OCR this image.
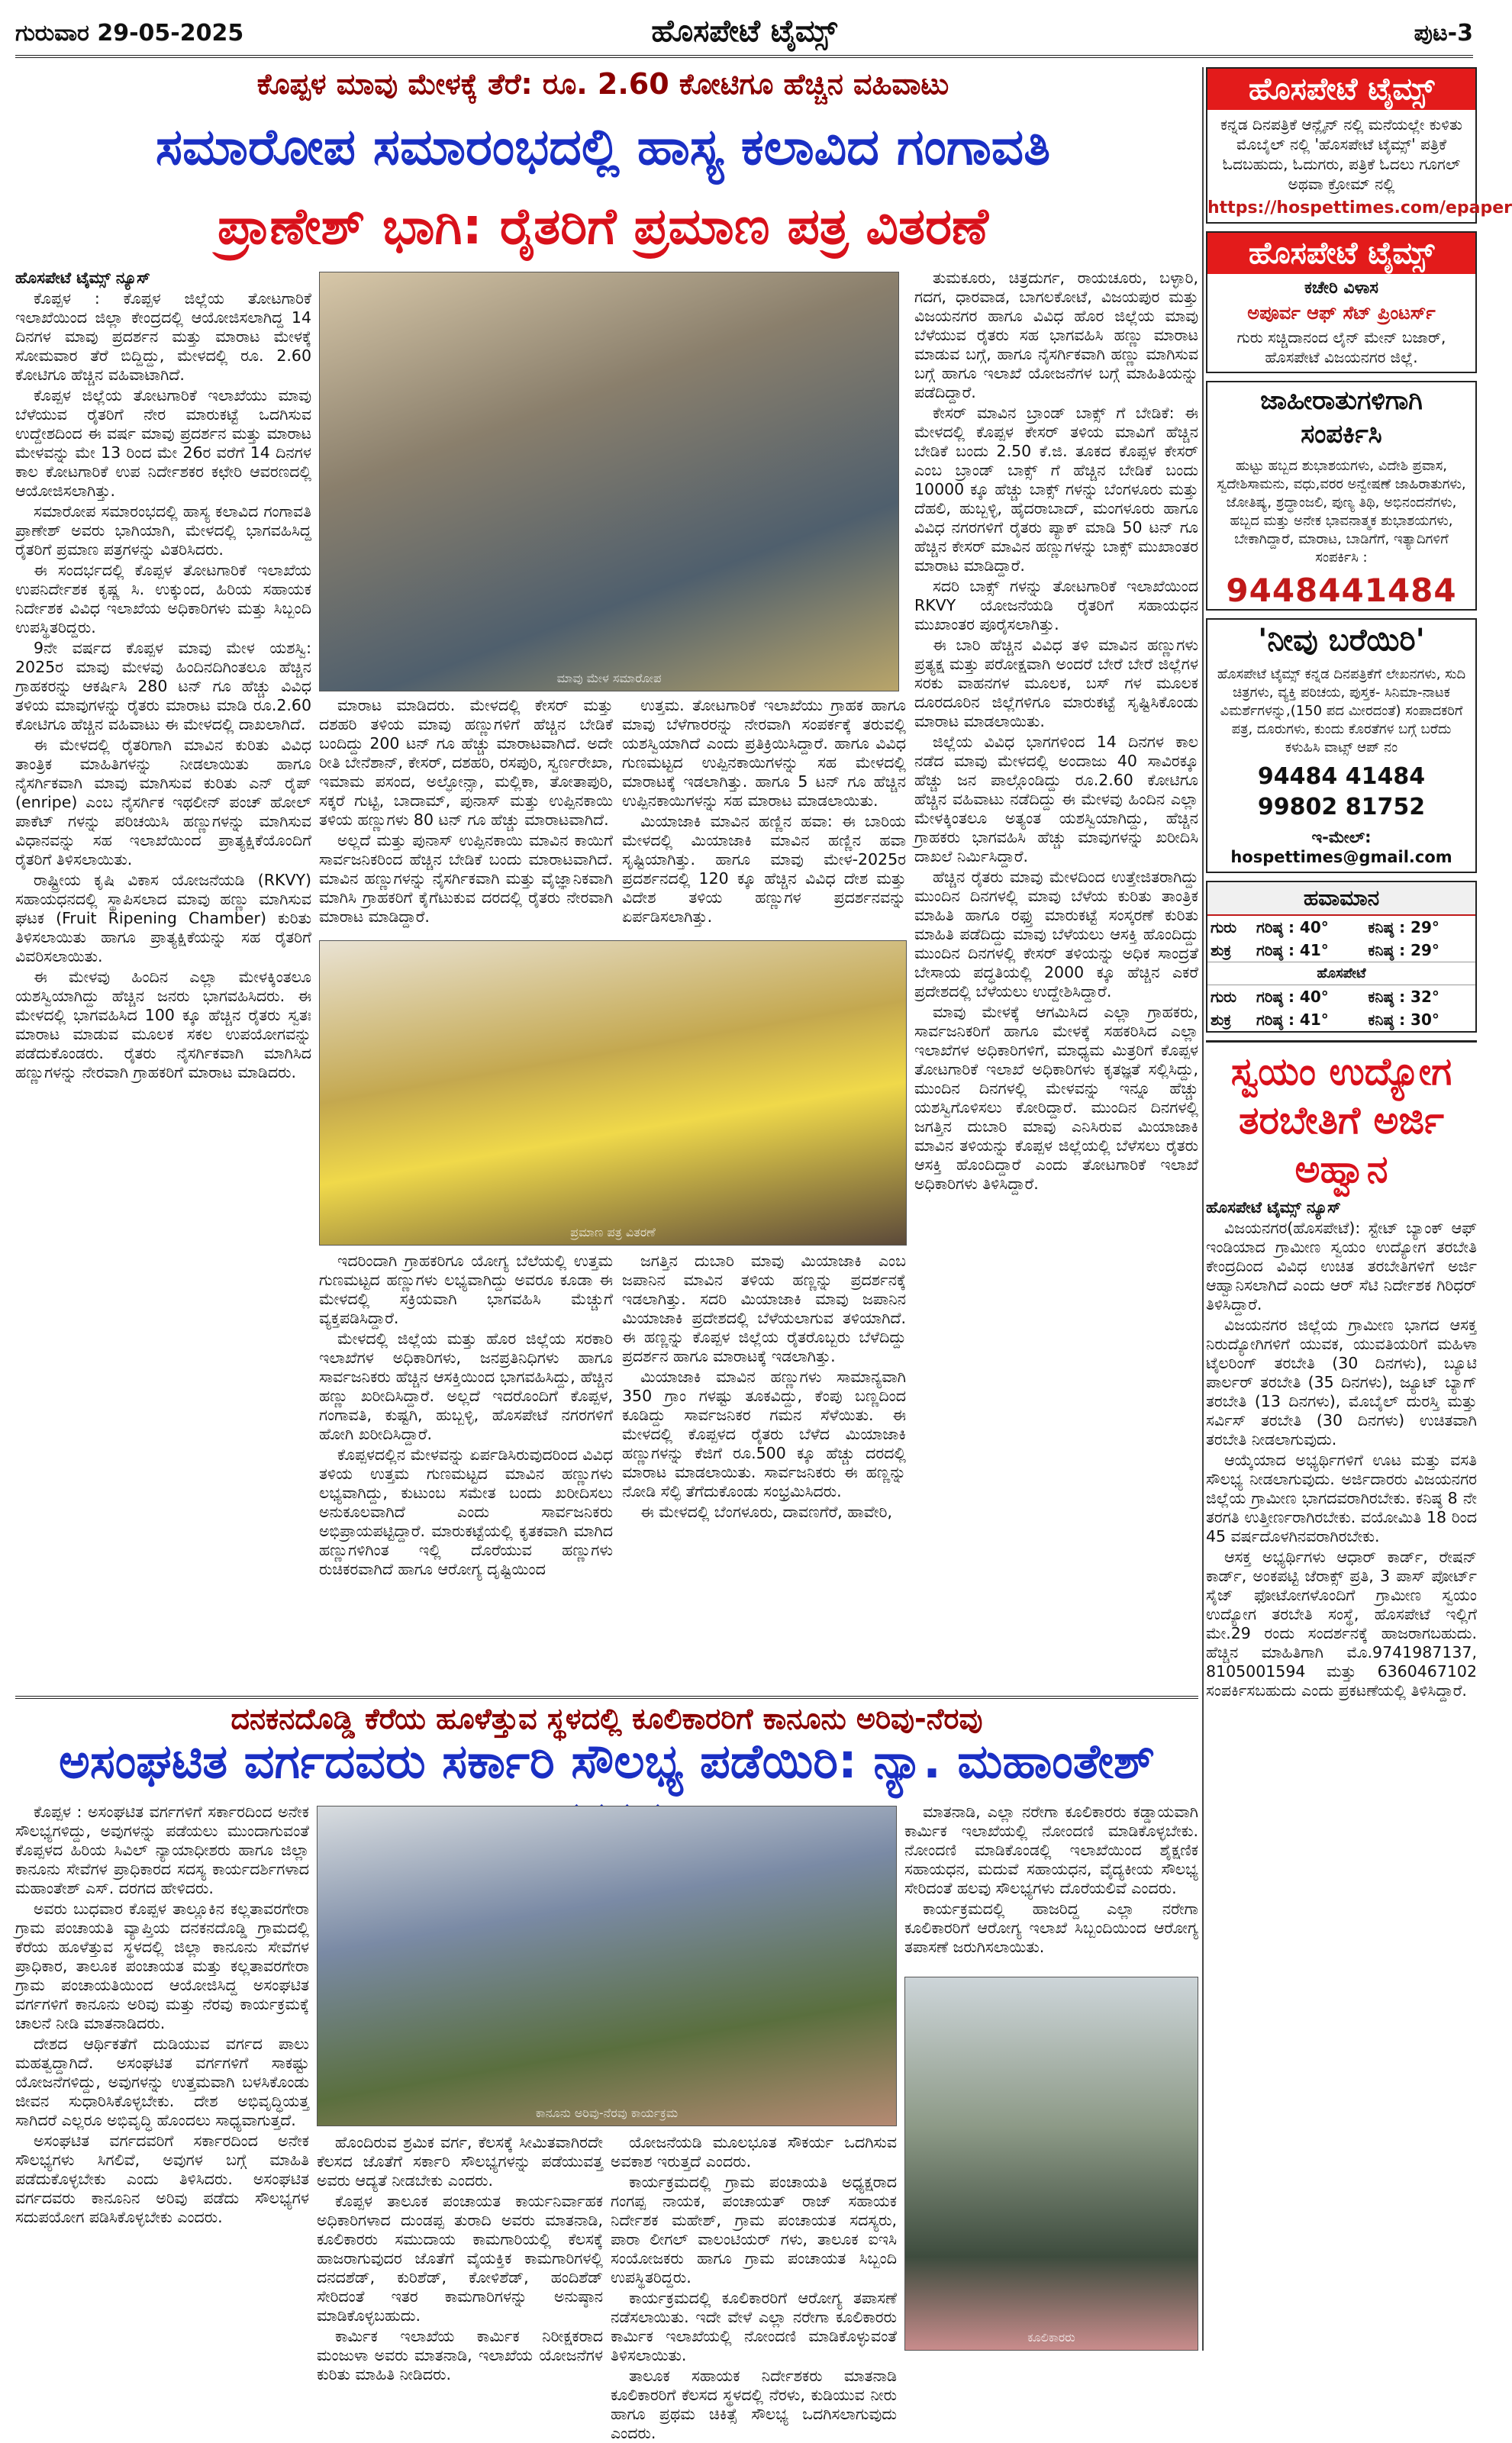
ಗುರುವಾರ 29-05-2025	ಹೊಸಪೇಟೆ ಟೈಮ್ಸ್	ಪುಟ-3
ಕೊಪ್ಪಳ ಮಾವು ಮೇಳಕ್ಕೆ ತೆರೆ: ರೂ. 2.60 ಕೋಟಿಗೂ ಹೆಚ್ಚಿನ ವಹಿವಾಟು
ಸಮಾರೋಪ ಸಮಾರಂಭದಲ್ಲಿ ಹಾಸ್ಯ ಕಲಾವಿದ ಗಂಗಾವತಿ
ಪ್ರಾಣೇಶ್ ಭಾಗಿ: ರೈತರಿಗೆ ಪ್ರಮಾಣ ಪತ್ರ ವಿತರಣೆ

ಹೊಸಪೇಟೆ ಟೈಮ್ಸ್ ನ್ಯೂಸ್

ಕೊಪ್ಪಳ : ಕೊಪ್ಪಳ ಜಿಲ್ಲೆಯ ತೋಟಗಾರಿಕೆ ಇಲಾಖೆಯಿಂದ ಜಿಲ್ಲಾ ಕೇಂದ್ರದಲ್ಲಿ ಆಯೋಜಿಸಲಾಗಿದ್ದ 14 ದಿನಗಳ ಮಾವು ಪ್ರದರ್ಶನ ಮತ್ತು ಮಾರಾಟ ಮೇಳಕ್ಕೆ ಸೋಮವಾರ ತೆರೆ ಬಿದ್ದಿದ್ದು, ಮೇಳದಲ್ಲಿ ರೂ. 2.60 ಕೋಟಿಗೂ ಹೆಚ್ಚಿನ ವಹಿವಾಟಾಗಿದೆ.

ಕೊಪ್ಪಳ ಜಿಲ್ಲೆಯ ತೋಟಗಾರಿಕೆ ಇಲಾಖೆಯು ಮಾವು ಬೆಳೆಯುವ ರೈತರಿಗೆ ನೇರ ಮಾರುಕಟ್ಟೆ ಒದಗಿಸುವ ಉದ್ದೇಶದಿಂದ ಈ ವರ್ಷ ಮಾವು ಪ್ರದರ್ಶನ ಮತ್ತು ಮಾರಾಟ ಮೇಳವನ್ನು ಮೇ 13 ರಿಂದ ಮೇ 26ರ ವರೆಗೆ 14 ದಿನಗಳ ಕಾಲ ಕೋಟಗಾರಿಕೆ ಉಪ ನಿರ್ದೇಶಕರ ಕಛೇರಿ ಆವರಣದಲ್ಲಿ ಆಯೋಜಿಸಲಾಗಿತ್ತು.

ಸಮಾರೋಪ ಸಮಾರಂಭದಲ್ಲಿ ಹಾಸ್ಯ ಕಲಾವಿದ ಗಂಗಾವತಿ ಪ್ರಾಣೇಶ್ ಅವರು ಭಾಗಿಯಾಗಿ, ಮೇಳದಲ್ಲಿ ಭಾಗವಹಿಸಿದ್ದ ರೈತರಿಗೆ ಪ್ರಮಾಣ ಪತ್ರಗಳನ್ನು ವಿತರಿಸಿದರು.

ಈ ಸಂದರ್ಭದಲ್ಲಿ ಕೊಪ್ಪಳ ತೋಟಗಾರಿಕೆ ಇಲಾಖೆಯ ಉಪನಿರ್ದೇಶಕ ಕೃಷ್ಣ ಸಿ. ಉಕ್ಕುಂದ, ಹಿರಿಯ ಸಹಾಯಕ ನಿರ್ದೇಶಕ ವಿವಿಧ ಇಲಾಖೆಯ ಅಧಿಕಾರಿಗಳು ಮತ್ತು ಸಿಬ್ಬಂದಿ ಉಪಸ್ಥಿತರಿದ್ದರು.

9ನೇ ವರ್ಷದ ಕೊಪ್ಪಳ ಮಾವು ಮೇಳ ಯಶಸ್ವಿ: 2025ರ ಮಾವು ಮೇಳವು ಹಿಂದಿನದಿಗಿಂತಲೂ ಹೆಚ್ಚಿನ ಗ್ರಾಹಕರನ್ನು ಆಕರ್ಷಿಸಿ 280 ಟನ್ ಗೂ ಹೆಚ್ಚು ವಿವಿಧ ತಳಿಯ ಮಾವುಗಳನ್ನು ರೈತರು ಮಾರಾಟ ಮಾಡಿ ರೂ.2.60 ಕೋಟಿಗೂ ಹೆಚ್ಚಿನ ವಹಿವಾಟು ಈ ಮೇಳದಲ್ಲಿ ದಾಖಲಾಗಿದೆ.

ಈ ಮೇಳದಲ್ಲಿ ರೈತರಿಗಾಗಿ ಮಾವಿನ ಕುರಿತು ವಿವಿಧ ತಾಂತ್ರಿಕ ಮಾಹಿತಿಗಳನ್ನು ನೀಡಲಾಯಿತು ಹಾಗೂ ನೈಸರ್ಗಿಕವಾಗಿ ಮಾವು ಮಾಗಿಸುವ ಕುರಿತು ಎನ್ ರೈಪ್ (enripe) ಎಂಬ ನೈಸರ್ಗಿಕ ಇಥಲೀನ್ ಪಂಚ್ ಹೋಲ್ ಪಾಕೆಟ್ ಗಳನ್ನು ಪರಿಚಯಿಸಿ ಹಣ್ಣುಗಳನ್ನು ಮಾಗಿಸುವ ವಿಧಾನವನ್ನು ಸಹ ಇಲಾಖೆಯಿಂದ ಪ್ರಾತ್ಯಕ್ಷಿಕೆಯೊಂದಿಗೆ ರೈತರಿಗೆ ತಿಳಿಸಲಾಯಿತು.

ರಾಷ್ಟ್ರೀಯ ಕೃಷಿ ವಿಕಾಸ ಯೋಜನೆಯಡಿ (RKVY) ಸಹಾಯಧನದಲ್ಲಿ ಸ್ಥಾಪಿಸಲಾದ ಮಾವು ಹಣ್ಣು ಮಾಗಿಸುವ ಘಟಕ (Fruit Ripening Chamber) ಕುರಿತು ತಿಳಿಸಲಾಯಿತು ಹಾಗೂ ಪ್ರಾತ್ಯಕ್ಷಿಕೆಯನ್ನು ಸಹ ರೈತರಿಗೆ ವಿವರಿಸಲಾಯಿತು.

ಈ ಮೇಳವು ಹಿಂದಿನ ಎಲ್ಲಾ ಮೇಳಕ್ಕಿಂತಲೂ ಯಶಸ್ವಿಯಾಗಿದ್ದು ಹೆಚ್ಚಿನ ಜನರು ಭಾಗವಹಿಸಿದರು. ಈ ಮೇಳದಲ್ಲಿ ಭಾಗವಹಿಸಿದ 100 ಕ್ಕೂ ಹೆಚ್ಚಿನ ರೈತರು ಸ್ವತಃ ಮಾರಾಟ ಮಾಡುವ ಮೂಲಕ ಸಕಲ ಉಪಯೋಗವನ್ನು ಪಡೆದುಕೊಂಡರು. ರೈತರು ನೈಸರ್ಗಿಕವಾಗಿ ಮಾಗಿಸಿದ ಹಣ್ಣುಗಳನ್ನು ನೇರವಾಗಿ ಗ್ರಾಹಕರಿಗೆ ಮಾರಾಟ ಮಾಡಿದರು.

ಮಾವು ಮೇಳ ಸಮಾರೋಪ

ಮಾರಾಟ ಮಾಡಿದರು. ಮೇಳದಲ್ಲಿ ಕೇಸರ್ ಮತ್ತು ದಶಹರಿ ತಳಿಯ ಮಾವು ಹಣ್ಣುಗಳಿಗೆ ಹೆಚ್ಚಿನ ಬೇಡಿಕೆ ಬಂದಿದ್ದು 200 ಟನ್ ಗೂ ಹೆಚ್ಚು ಮಾರಾಟವಾಗಿದೆ. ಅದೇ ರೀತಿ ಬೇನೆಶಾನ್, ಕೇಸರ್, ದಶಹರಿ, ರಸಪುರಿ, ಸ್ವರ್ಣರೇಖಾ, ಇಮಾಮ ಪಸಂದ, ಅಲ್ಫೋನ್ಸಾ, ಮಲ್ಲಿಕಾ, ತೋತಾಪುರಿ, ಸಕ್ಕರೆ ಗುಟ್ಟಿ, ಬಾದಾಮ್, ಪುನಾಸ್ ಮತ್ತು ಉಪ್ಪಿನಕಾಯಿ ತಳಿಯ ಹಣ್ಣುಗಳು 80 ಟನ್ ಗೂ ಹೆಚ್ಚು ಮಾರಾಟವಾಗಿದೆ.

ಅಲ್ಲದೆ ಮತ್ತು ಪುನಾಸ್ ಉಪ್ಪಿನಕಾಯಿ ಮಾವಿನ ಕಾಯಿಗೆ ಸಾರ್ವಜನಿಕರಿಂದ ಹೆಚ್ಚಿನ ಬೇಡಿಕೆ ಬಂದು ಮಾರಾಟವಾಗಿದೆ. ಮಾವಿನ ಹಣ್ಣುಗಳನ್ನು ನೈಸರ್ಗಿಕವಾಗಿ ಮತ್ತು ವೈಜ್ಞಾನಿಕವಾಗಿ ಮಾಗಿಸಿ ಗ್ರಾಹಕರಿಗೆ ಕೈಗೆಟುಕುವ ದರದಲ್ಲಿ ರೈತರು ನೇರವಾಗಿ ಮಾರಾಟ ಮಾಡಿದ್ದಾರೆ.

ಉತ್ತಮ. ತೋಟಗಾರಿಕೆ ಇಲಾಖೆಯು ಗ್ರಾಹಕ ಹಾಗೂ ಮಾವು ಬೆಳೆಗಾರರನ್ನು ನೇರವಾಗಿ ಸಂಪರ್ಕಕ್ಕೆ ತರುವಲ್ಲಿ ಯಶಸ್ವಿಯಾಗಿದೆ ಎಂದು ಪ್ರತಿಕ್ರಿಯಿಸಿದ್ದಾರೆ. ಹಾಗೂ ವಿವಿಧ ಗುಣಮಟ್ಟದ ಉಪ್ಪಿನಕಾಯಿಗಳನ್ನು ಸಹ ಮೇಳದಲ್ಲಿ ಮಾರಾಟಕ್ಕೆ ಇಡಲಾಗಿತ್ತು. ಹಾಗೂ 5 ಟನ್ ಗೂ ಹೆಚ್ಚಿನ ಉಪ್ಪಿನಕಾಯಿಗಳನ್ನು ಸಹ ಮಾರಾಟ ಮಾಡಲಾಯಿತು.

ಮಿಯಾಜಾಕಿ ಮಾವಿನ ಹಣ್ಣಿನ ಹವಾ: ಈ ಬಾರಿಯ ಮೇಳದಲ್ಲಿ ಮಿಯಾಜಾಕಿ ಮಾವಿನ ಹಣ್ಣಿನ ಹವಾ ಸೃಷ್ಟಿಯಾಗಿತ್ತು. ಹಾಗೂ ಮಾವು ಮೇಳ-2025ರ ಪ್ರದರ್ಶನದಲ್ಲಿ 120 ಕ್ಕೂ ಹೆಚ್ಚಿನ ವಿವಿಧ ದೇಶ ಮತ್ತು ವಿದೇಶ ತಳಿಯ ಹಣ್ಣುಗಳ ಪ್ರದರ್ಶನವನ್ನು ಏರ್ಪಡಿಸಲಾಗಿತ್ತು.

ಪ್ರಮಾಣ ಪತ್ರ ವಿತರಣೆ

ಇದರಿಂದಾಗಿ ಗ್ರಾಹಕರಿಗೂ ಯೋಗ್ಯ ಬೆಲೆಯಲ್ಲಿ ಉತ್ತಮ ಗುಣಮಟ್ಟದ ಹಣ್ಣುಗಳು ಲಭ್ಯವಾಗಿದ್ದು ಅವರೂ ಕೂಡಾ ಈ ಮೇಳದಲ್ಲಿ ಸಕ್ರಿಯವಾಗಿ ಭಾಗವಹಿಸಿ ಮೆಚ್ಚುಗೆ ವ್ಯಕ್ತಪಡಿಸಿದ್ದಾರೆ.

ಮೇಳದಲ್ಲಿ ಜಿಲ್ಲೆಯ ಮತ್ತು ಹೊರ ಜಿಲ್ಲೆಯ ಸರಕಾರಿ ಇಲಾಖೆಗಳ ಅಧಿಕಾರಿಗಳು, ಜನಪ್ರತಿನಿಧಿಗಳು ಹಾಗೂ ಸಾರ್ವಜನಿಕರು ಹೆಚ್ಚಿನ ಆಸಕ್ತಿಯಿಂದ ಭಾಗವಹಿಸಿದ್ದು, ಹೆಚ್ಚಿನ ಹಣ್ಣು ಖರೀದಿಸಿದ್ದಾರೆ. ಅಲ್ಲದೆ ಇದರೊಂದಿಗೆ ಕೊಪ್ಪಳ, ಗಂಗಾವತಿ, ಕುಷ್ಟಗಿ, ಹುಬ್ಬಳ್ಳಿ, ಹೊಸಪೇಟೆ ನಗರಗಳಿಗೆ ಹೋಗಿ ಖರೀದಿಸಿದ್ದಾರೆ.

ಕೊಪ್ಪಳದಲ್ಲಿನ ಮೇಳವನ್ನು ಏರ್ಪಡಿಸಿರುವುದರಿಂದ ವಿವಿಧ ತಳಿಯ ಉತ್ತಮ ಗುಣಮಟ್ಟದ ಮಾವಿನ ಹಣ್ಣುಗಳು ಲಭ್ಯವಾಗಿದ್ದು, ಕುಟುಂಬ ಸಮೇತ ಬಂದು ಖರೀದಿಸಲು ಅನುಕೂಲವಾಗಿದೆ ಎಂದು ಸಾರ್ವಜನಿಕರು ಅಭಿಪ್ರಾಯಪಟ್ಟಿದ್ದಾರೆ. ಮಾರುಕಟ್ಟೆಯಲ್ಲಿ ಕೃತಕವಾಗಿ ಮಾಗಿದ ಹಣ್ಣುಗಳಿಗಿಂತ ಇಲ್ಲಿ ದೊರೆಯುವ ಹಣ್ಣುಗಳು ರುಚಿಕರವಾಗಿದೆ ಹಾಗೂ ಆರೋಗ್ಯ ದೃಷ್ಟಿಯಿಂದ

ಜಗತ್ತಿನ ದುಬಾರಿ ಮಾವು ಮಿಯಾಜಾಕಿ ಎಂಬ ಜಪಾನಿನ ಮಾವಿನ ತಳಿಯ ಹಣ್ಣನ್ನು ಪ್ರದರ್ಶನಕ್ಕೆ ಇಡಲಾಗಿತ್ತು. ಸದರಿ ಮಿಯಾಜಾಕಿ ಮಾವು ಜಪಾನಿನ ಮಿಯಾಜಾಕಿ ಪ್ರದೇಶದಲ್ಲಿ ಬೆಳೆಯಲಾಗುವ ತಳಿಯಾಗಿದೆ. ಈ ಹಣ್ಣನ್ನು ಕೊಪ್ಪಳ ಜಿಲ್ಲೆಯ ರೈತರೊಬ್ಬರು ಬೆಳೆದಿದ್ದು ಪ್ರದರ್ಶನ ಹಾಗೂ ಮಾರಾಟಕ್ಕೆ ಇಡಲಾಗಿತ್ತು.

ಮಿಯಾಜಾಕಿ ಮಾವಿನ ಹಣ್ಣುಗಳು ಸಾಮಾನ್ಯವಾಗಿ 350 ಗ್ರಾಂ ಗಳಷ್ಟು ತೂಕವಿದ್ದು, ಕೆಂಪು ಬಣ್ಣದಿಂದ ಕೂಡಿದ್ದು ಸಾರ್ವಜನಿಕರ ಗಮನ ಸೆಳೆಯಿತು. ಈ ಮೇಳದಲ್ಲಿ ಕೊಪ್ಪಳದ ರೈತರು ಬೆಳೆದ ಮಿಯಾಜಾಕಿ ಹಣ್ಣುಗಳನ್ನು ಕೆಜಿಗೆ ರೂ.500 ಕ್ಕೂ ಹೆಚ್ಚು ದರದಲ್ಲಿ ಮಾರಾಟ ಮಾಡಲಾಯಿತು. ಸಾರ್ವಜನಿಕರು ಈ ಹಣ್ಣನ್ನು ನೋಡಿ ಸೆಲ್ಫಿ ತೆಗೆದುಕೊಂಡು ಸಂಭ್ರಮಿಸಿದರು.

ಈ ಮೇಳದಲ್ಲಿ ಬೆಂಗಳೂರು, ದಾವಣಗೆರೆ, ಹಾವೇರಿ,

ತುಮಕೂರು, ಚಿತ್ರದುರ್ಗ, ರಾಯಚೂರು, ಬಳ್ಳಾರಿ, ಗದಗ, ಧಾರವಾಡ, ಬಾಗಲಕೋಟೆ, ವಿಜಯಪುರ ಮತ್ತು ವಿಜಯನಗರ ಹಾಗೂ ವಿವಿಧ ಹೊರ ಜಿಲ್ಲೆಯ ಮಾವು ಬೆಳೆಯುವ ರೈತರು ಸಹ ಭಾಗವಹಿಸಿ ಹಣ್ಣು ಮಾರಾಟ ಮಾಡುವ ಬಗ್ಗೆ, ಹಾಗೂ ನೈಸರ್ಗಿಕವಾಗಿ ಹಣ್ಣು ಮಾಗಿಸುವ ಬಗ್ಗೆ ಹಾಗೂ ಇಲಾಖೆ ಯೋಜನೆಗಳ ಬಗ್ಗೆ ಮಾಹಿತಿಯನ್ನು ಪಡೆದಿದ್ದಾರೆ.

ಕೇಸರ್ ಮಾವಿನ ಬ್ರಾಂಡ್ ಬಾಕ್ಸ್ ಗೆ ಬೇಡಿಕೆ: ಈ ಮೇಳದಲ್ಲಿ ಕೊಪ್ಪಳ ಕೇಸರ್ ತಳಿಯ ಮಾವಿಗೆ ಹೆಚ್ಚಿನ ಬೇಡಿಕೆ ಬಂದು 2.50 ಕೆ.ಜಿ. ತೂಕದ ಕೊಪ್ಪಳ ಕೇಸರ್ ಎಂಬ ಬ್ರಾಂಡ್ ಬಾಕ್ಸ್ ಗೆ ಹೆಚ್ಚಿನ ಬೇಡಿಕೆ ಬಂದು 10000 ಕ್ಕೂ ಹೆಚ್ಚು ಬಾಕ್ಸ್ ಗಳನ್ನು ಬೆಂಗಳೂರು ಮತ್ತು ದೆಹಲಿ, ಹುಬ್ಬಳ್ಳಿ, ಹೈದರಾಬಾದ್, ಮಂಗಳೂರು ಹಾಗೂ ವಿವಿಧ ನಗರಗಳಿಗೆ ರೈತರು ಪ್ಯಾಕ್ ಮಾಡಿ 50 ಟನ್ ಗೂ ಹೆಚ್ಚಿನ ಕೇಸರ್ ಮಾವಿನ ಹಣ್ಣುಗಳನ್ನು ಬಾಕ್ಸ್ ಮುಖಾಂತರ ಮಾರಾಟ ಮಾಡಿದ್ದಾರೆ.

ಸದರಿ ಬಾಕ್ಸ್ ಗಳನ್ನು ತೋಟಗಾರಿಕೆ ಇಲಾಖೆಯಿಂದ RKVY ಯೋಜನೆಯಡಿ ರೈತರಿಗೆ ಸಹಾಯಧನ ಮುಖಾಂತರ ಪೂರೈಸಲಾಗಿತ್ತು.

ಈ ಬಾರಿ ಹೆಚ್ಚಿನ ವಿವಿಧ ತಳಿ ಮಾವಿನ ಹಣ್ಣುಗಳು ಪ್ರತ್ಯಕ್ಷ ಮತ್ತು ಪರೋಕ್ಷವಾಗಿ ಅಂದರೆ ಬೇರೆ ಬೇರೆ ಜಿಲ್ಲೆಗಳ ಸರಕು ವಾಹನಗಳ ಮೂಲಕ, ಬಸ್ ಗಳ ಮೂಲಕ ದೂರದೂರಿನ ಜಿಲ್ಲೆಗಳಿಗೂ ಮಾರುಕಟ್ಟೆ ಸೃಷ್ಟಿಸಿಕೊಂಡು ಮಾರಾಟ ಮಾಡಲಾಯಿತು.

ಜಿಲ್ಲೆಯ ವಿವಿಧ ಭಾಗಗಳಿಂದ 14 ದಿನಗಳ ಕಾಲ ನಡೆದ ಮಾವು ಮೇಳದಲ್ಲಿ ಅಂದಾಜು 40 ಸಾವಿರಕ್ಕೂ ಹೆಚ್ಚು ಜನ ಪಾಲ್ಗೊಂಡಿದ್ದು ರೂ.2.60 ಕೋಟಿಗೂ ಹೆಚ್ಚಿನ ವಹಿವಾಟು ನಡೆದಿದ್ದು ಈ ಮೇಳವು ಹಿಂದಿನ ಎಲ್ಲಾ ಮೇಳಕ್ಕಿಂತಲೂ ಅತ್ಯಂತ ಯಶಸ್ವಿಯಾಗಿದ್ದು, ಹೆಚ್ಚಿನ ಗ್ರಾಹಕರು ಭಾಗವಹಿಸಿ ಹೆಚ್ಚು ಮಾವುಗಳನ್ನು ಖರೀದಿಸಿ ದಾಖಲೆ ನಿರ್ಮಿಸಿದ್ದಾರೆ.

ಹೆಚ್ಚಿನ ರೈತರು ಮಾವು ಮೇಳದಿಂದ ಉತ್ತೇಜಿತರಾಗಿದ್ದು ಮುಂದಿನ ದಿನಗಳಲ್ಲಿ ಮಾವು ಬೆಳೆಯ ಕುರಿತು ತಾಂತ್ರಿಕ ಮಾಹಿತಿ ಹಾಗೂ ರಫ್ತು ಮಾರುಕಟ್ಟೆ ಸಂಸ್ಕರಣೆ ಕುರಿತು ಮಾಹಿತಿ ಪಡೆದಿದ್ದು ಮಾವು ಬೆಳೆಯಲು ಆಸಕ್ತಿ ಹೊಂದಿದ್ದು ಮುಂದಿನ ದಿನಗಳಲ್ಲಿ ಕೇಸರ್ ತಳಿಯನ್ನು ಅಧಿಕ ಸಾಂದ್ರತೆ ಬೇಸಾಯ ಪದ್ಧತಿಯಲ್ಲಿ 2000 ಕ್ಕೂ ಹೆಚ್ಚಿನ ಎಕರೆ ಪ್ರದೇಶದಲ್ಲಿ ಬೆಳೆಯಲು ಉದ್ದೇಶಿಸಿದ್ದಾರೆ.

ಮಾವು ಮೇಳಕ್ಕೆ ಆಗಮಿಸಿದ ಎಲ್ಲಾ ಗ್ರಾಹಕರು, ಸಾರ್ವಜನಿಕರಿಗೆ ಹಾಗೂ ಮೇಳಕ್ಕೆ ಸಹಕರಿಸಿದ ಎಲ್ಲಾ ಇಲಾಖೆಗಳ ಅಧಿಕಾರಿಗಳಿಗೆ, ಮಾಧ್ಯಮ ಮಿತ್ರರಿಗೆ ಕೊಪ್ಪಳ ತೋಟಗಾರಿಕೆ ಇಲಾಖೆ ಅಧಿಕಾರಿಗಳು ಕೃತಜ್ಞತೆ ಸಲ್ಲಿಸಿದ್ದು, ಮುಂದಿನ ದಿನಗಳಲ್ಲಿ ಮೇಳವನ್ನು ಇನ್ನೂ ಹೆಚ್ಚು ಯಶಸ್ವಿಗೊಳಿಸಲು ಕೋರಿದ್ದಾರೆ. ಮುಂದಿನ ದಿನಗಳಲ್ಲಿ ಜಗತ್ತಿನ ದುಬಾರಿ ಮಾವು ಎನಿಸಿರುವ ಮಿಯಾಜಾಕಿ ಮಾವಿನ ತಳಿಯನ್ನು ಕೊಪ್ಪಳ ಜಿಲ್ಲೆಯಲ್ಲಿ ಬೆಳೆಸಲು ರೈತರು ಆಸಕ್ತಿ ಹೊಂದಿದ್ದಾರೆ ಎಂದು ತೋಟಗಾರಿಕೆ ಇಲಾಖೆ ಅಧಿಕಾರಿಗಳು ತಿಳಿಸಿದ್ದಾರೆ.

ದನಕನದೊಡ್ಡಿ ಕೆರೆಯ ಹೂಳೆತ್ತುವ ಸ್ಥಳದಲ್ಲಿ ಕೂಲಿಕಾರರಿಗೆ ಕಾನೂನು ಅರಿವು-ನೆರವು
ಅಸಂಘಟಿತ ವರ್ಗದವರು ಸರ್ಕಾರಿ ಸೌಲಭ್ಯ ಪಡೆಯಿರಿ: ನ್ಯಾ. ಮಹಾಂತೇಶ್

ಕೊಪ್ಪಳ : ಅಸಂಘಟಿತ ವರ್ಗಗಳಿಗೆ ಸರ್ಕಾರದಿಂದ ಅನೇಕ ಸೌಲಭ್ಯಗಳಿದ್ದು, ಅವುಗಳನ್ನು ಪಡೆಯಲು ಮುಂದಾಗುವಂತೆ ಕೊಪ್ಪಳದ ಹಿರಿಯ ಸಿವಿಲ್ ನ್ಯಾಯಾಧೀಶರು ಹಾಗೂ ಜಿಲ್ಲಾ ಕಾನೂನು ಸೇವೆಗಳ ಪ್ರಾಧಿಕಾರದ ಸದಸ್ಯ ಕಾರ್ಯದರ್ಶಿಗಳಾದ ಮಹಾಂತೇಶ್ ಎಸ್. ದರಗದ ಹೇಳಿದರು.

ಅವರು ಬುಧವಾರ ಕೊಪ್ಪಳ ತಾಲ್ಲೂಕಿನ ಕಲ್ಲತಾವರಗೇರಾ ಗ್ರಾಮ ಪಂಚಾಯತಿ ವ್ಯಾಪ್ತಿಯ ದನಕನದೊಡ್ಡಿ ಗ್ರಾಮದಲ್ಲಿ ಕೆರೆಯ ಹೂಳೆತ್ತುವ ಸ್ಥಳದಲ್ಲಿ ಜಿಲ್ಲಾ ಕಾನೂನು ಸೇವೆಗಳ ಪ್ರಾಧಿಕಾರ, ತಾಲೂಕ ಪಂಚಾಯತ ಮತ್ತು ಕಲ್ಲತಾವರಗೇರಾ ಗ್ರಾಮ ಪಂಚಾಯತಿಯಿಂದ ಆಯೋಜಿಸಿದ್ದ ಅಸಂಘಟಿತ ವರ್ಗಗಳಿಗೆ ಕಾನೂನು ಅರಿವು ಮತ್ತು ನೆರವು ಕಾರ್ಯಕ್ರಮಕ್ಕೆ ಚಾಲನೆ ನೀಡಿ ಮಾತನಾಡಿದರು.

ದೇಶದ ಆರ್ಥಿಕತೆಗೆ ದುಡಿಯುವ ವರ್ಗದ ಪಾಲು ಮಹತ್ವದ್ದಾಗಿದೆ. ಅಸಂಘಟಿತ ವರ್ಗಗಳಿಗೆ ಸಾಕಷ್ಟು ಯೋಜನೆಗಳಿದ್ದು, ಅವುಗಳನ್ನು ಉತ್ತಮವಾಗಿ ಬಳಸಿಕೊಂಡು ಜೀವನ ಸುಧಾರಿಸಿಕೊಳ್ಳಬೇಕು. ದೇಶ ಅಭಿವೃದ್ಧಿಯತ್ತ ಸಾಗಿದರೆ ಎಲ್ಲರೂ ಅಭಿವೃದ್ಧಿ ಹೊಂದಲು ಸಾಧ್ಯವಾಗುತ್ತದೆ.

ಅಸಂಘಟಿತ ವರ್ಗದವರಿಗೆ ಸರ್ಕಾರದಿಂದ ಅನೇಕ ಸೌಲಭ್ಯಗಳು ಸಿಗಲಿವೆ, ಅವುಗಳ ಬಗ್ಗೆ ಮಾಹಿತಿ ಪಡೆದುಕೊಳ್ಳಬೇಕು ಎಂದು ತಿಳಿಸಿದರು. ಅಸಂಘಟಿತ ವರ್ಗದವರು ಕಾನೂನಿನ ಅರಿವು ಪಡೆದು ಸೌಲಭ್ಯಗಳ ಸದುಪಯೋಗ ಪಡಿಸಿಕೊಳ್ಳಬೇಕು ಎಂದರು.

ಕಾನೂನು ಅರಿವು-ನೆರವು ಕಾರ್ಯಕ್ರಮ

ಹೊಂದಿರುವ ಶ್ರಮಿಕ ವರ್ಗ, ಕೆಲಸಕ್ಕೆ ಸೀಮಿತವಾಗಿರದೇ ಕೆಲಸದ ಜೊತೆಗೆ ಸರ್ಕಾರಿ ಸೌಲಭ್ಯಗಳನ್ನು ಪಡೆಯುವತ್ತ ಅವರು ಆದ್ಯತೆ ನೀಡಬೇಕು ಎಂದರು.

ಕೊಪ್ಪಳ ತಾಲೂಕ ಪಂಚಾಯತ ಕಾರ್ಯನಿರ್ವಾಹಕ ಅಧಿಕಾರಿಗಳಾದ ದುಂಡಪ್ಪ ತುರಾದಿ ಅವರು ಮಾತನಾಡಿ, ಕೂಲಿಕಾರರು ಸಮುದಾಯ ಕಾಮಗಾರಿಯಲ್ಲಿ ಕೆಲಸಕ್ಕೆ ಹಾಜರಾಗುವುದರ ಜೊತೆಗೆ ವೈಯಕ್ತಿಕ ಕಾಮಗಾರಿಗಳಲ್ಲಿ ದನದಶೆಡ್, ಕುರಿಶೆಡ್, ಕೋಳಿಶೆಡ್, ಹಂದಿಶೆಡ್ ಸೇರಿದಂತೆ ಇತರ ಕಾಮಗಾರಿಗಳನ್ನು ಅನುಷ್ಠಾನ ಮಾಡಿಕೊಳ್ಳಬಹುದು.

ಕಾರ್ಮಿಕ ಇಲಾಖೆಯ ಕಾರ್ಮಿಕ ನಿರೀಕ್ಷಕರಾದ ಮಂಜುಳಾ ಅವರು ಮಾತನಾಡಿ, ಇಲಾಖೆಯ ಯೋಜನೆಗಳ ಕುರಿತು ಮಾಹಿತಿ ನೀಡಿದರು.

ಯೋಜನೆಯಡಿ ಮೂಲಭೂತ ಸೌಕರ್ಯ ಒದಗಿಸುವ ಅವಕಾಶ ಇರುತ್ತದೆ ಎಂದರು.

ಕಾರ್ಯಕ್ರಮದಲ್ಲಿ ಗ್ರಾಮ ಪಂಚಾಯತಿ ಅಧ್ಯಕ್ಷರಾದ ಗಂಗಪ್ಪ ನಾಯಕ, ಪಂಚಾಯತ್ ರಾಜ್ ಸಹಾಯಕ ನಿರ್ದೇಶಕ ಮಹೇಶ್, ಗ್ರಾಮ ಪಂಚಾಯತ ಸದಸ್ಯರು, ಪಾರಾ ಲೀಗಲ್ ವಾಲಂಟಿಯರ್ ಗಳು, ತಾಲೂಕ ಐಇಸಿ ಸಂಯೋಜಕರು ಹಾಗೂ ಗ್ರಾಮ ಪಂಚಾಯತ ಸಿಬ್ಬಂದಿ ಉಪಸ್ಥಿತರಿದ್ದರು.

ಕಾರ್ಯಕ್ರಮದಲ್ಲಿ ಕೂಲಿಕಾರರಿಗೆ ಆರೋಗ್ಯ ತಪಾಸಣೆ ನಡೆಸಲಾಯಿತು. ಇದೇ ವೇಳೆ ಎಲ್ಲಾ ನರೇಗಾ ಕೂಲಿಕಾರರು ಕಾರ್ಮಿಕ ಇಲಾಖೆಯಲ್ಲಿ ನೋಂದಣಿ ಮಾಡಿಕೊಳ್ಳುವಂತೆ ತಿಳಿಸಲಾಯಿತು.

ತಾಲೂಕ ಸಹಾಯಕ ನಿರ್ದೇಶಕರು ಮಾತನಾಡಿ ಕೂಲಿಕಾರರಿಗೆ ಕೆಲಸದ ಸ್ಥಳದಲ್ಲಿ ನೆರಳು, ಕುಡಿಯುವ ನೀರು ಹಾಗೂ ಪ್ರಥಮ ಚಿಕಿತ್ಸೆ ಸೌಲಭ್ಯ ಒದಗಿಸಲಾಗುವುದು ಎಂದರು.

ಮಾತನಾಡಿ, ಎಲ್ಲಾ ನರೇಗಾ ಕೂಲಿಕಾರರು ಕಡ್ಡಾಯವಾಗಿ ಕಾರ್ಮಿಕ ಇಲಾಖೆಯಲ್ಲಿ ನೋಂದಣಿ ಮಾಡಿಕೊಳ್ಳಬೇಕು. ನೋಂದಣಿ ಮಾಡಿಕೊಂಡಲ್ಲಿ ಇಲಾಖೆಯಿಂದ ಶೈಕ್ಷಣಿಕ ಸಹಾಯಧನ, ಮದುವೆ ಸಹಾಯಧನ, ವೈದ್ಯಕೀಯ ಸೌಲಭ್ಯ ಸೇರಿದಂತೆ ಹಲವು ಸೌಲಭ್ಯಗಳು ದೊರೆಯಲಿವೆ ಎಂದರು.

ಕಾರ್ಯಕ್ರಮದಲ್ಲಿ ಹಾಜರಿದ್ದ ಎಲ್ಲಾ ನರೇಗಾ ಕೂಲಿಕಾರರಿಗೆ ಆರೋಗ್ಯ ಇಲಾಖೆ ಸಿಬ್ಬಂದಿಯಿಂದ ಆರೋಗ್ಯ ತಪಾಸಣೆ ಜರುಗಿಸಲಾಯಿತು.

ಕೂಲಿಕಾರರು
ಹೊಸಪೇಟೆ ಟೈಮ್ಸ್
ಕನ್ನಡ ದಿನಪತ್ರಿಕೆ ಆನ್ಲೈನ್ ನಲ್ಲಿ ಮನೆಯಲ್ಲೇ ಕುಳಿತು ಮೊಬೈಲ್ ನಲ್ಲಿ 'ಹೊಸಪೇಟೆ ಟೈಮ್ಸ್' ಪತ್ರಿಕೆ ಓದಬಹುದು, ಓದುಗರು, ಪತ್ರಿಕೆ ಓದಲು ಗೂಗಲ್ ಅಥವಾ ಕ್ರೋಮ್ ನಲ್ಲಿ
https://hospettimes.com/epaper
ಹೊಸಪೇಟೆ ಟೈಮ್ಸ್
ಕಚೇರಿ ವಿಳಾಸ
ಅಪೂರ್ವ ಆಫ್ ಸೆಟ್ ಪ್ರಿಂಟರ್ಸ್
ಗುರು ಸಚ್ಚಿದಾನಂದ ಲೈನ್ ಮೇನ್ ಬಜಾರ್, ಹೊಸಪೇಟೆ ವಿಜಯನಗರ ಜಿಲ್ಲೆ.
ಜಾಹೀರಾತುಗಳಿಗಾಗಿ
ಸಂಪರ್ಕಿಸಿ
ಹುಟ್ಟು ಹಬ್ಬದ ಶುಭಾಶಯಗಳು, ವಿದೇಶಿ ಪ್ರವಾಸ, ಸ್ವದೇಶಿಸಾಮನು, ವಧು,ವರರ ಅನ್ವೇಷಣೆ ಜಾಹಿರಾತುಗಳು, ಜೋತಿಷ್ಯ, ಶ್ರದ್ಧಾಂಜಲಿ, ಪುಣ್ಯ ತಿಥಿ, ಅಭಿನಂದನೆಗಳು, ಹಬ್ಬದ ಮತ್ತು ಅನೇಕ ಭಾವನಾತ್ಮಕ ಶುಭಾಶಯಗಳು, ಬೇಕಾಗಿದ್ದಾರೆ, ಮಾರಾಟ, ಬಾಡಿಗೆಗೆ, ಇತ್ಯಾದಿಗಳಿಗೆ ಸಂಪರ್ಕಿಸಿ :
9448441484
'ನೀವು ಬರೆಯಿರಿ'
ಹೊಸಪೇಟೆ ಟೈಮ್ಸ್ ಕನ್ನಡ ದಿನಪತ್ರಿಕೆಗೆ ಲೇಖನಗಳು, ಸುದಿ ಚಿತ್ರಗಳು, ವ್ಯಕ್ತಿ ಪರಿಚಯ, ಪುಸ್ತಕ- ಸಿನಿಮಾ-ನಾಟಕ ವಿಮರ್ಶೆಗಳನ್ನು,(150 ಪದ ಮೀರದಂತೆ) ಸಂಪಾದಕರಿಗೆ ಪತ್ರ, ದೂರುಗಳು, ಕುಂದು ಕೊರತೆಗಳ ಬಗ್ಗೆ ಬರೆದು ಕಳುಹಿಸಿ ವಾಟ್ಸ್ ಆಪ್ ನಂ
94484 41484
99802 81752
ಇ-ಮೇಲ್: hospettimes@gmail.com
ಹವಾಮಾನ
ಗುರು	ಗರಿಷ್ಠ : 40°	ಕನಿಷ್ಠ : 29°
ಶುಕ್ರ	ಗರಿಷ್ಠ : 41°	ಕನಿಷ್ಠ : 29°
ಹೊಸಪೇಟೆ
ಗುರು	ಗರಿಷ್ಠ : 40°	ಕನಿಷ್ಠ : 32°
ಶುಕ್ರ	ಗರಿಷ್ಠ : 41°	ಕನಿಷ್ಠ : 30°
ಸ್ವಯಂ ಉದ್ಯೋಗ ತರಬೇತಿಗೆ ಅರ್ಜಿ ಅಹ್ವಾನ

ಹೊಸಪೇಟೆ ಟೈಮ್ಸ್ ನ್ಯೂಸ್

ವಿಜಯನಗರ(ಹೊಸಪೇಟೆ): ಸ್ಟೇಟ್ ಬ್ಯಾಂಕ್ ಆಫ್ ಇಂಡಿಯಾದ ಗ್ರಾಮೀಣ ಸ್ವಯಂ ಉದ್ಯೋಗ ತರಬೇತಿ ಕೇಂದ್ರದಿಂದ ವಿವಿಧ ಉಚಿತ ತರಬೇತಿಗಳಿಗೆ ಅರ್ಜಿ ಆಹ್ವಾನಿಸಲಾಗಿದೆ ಎಂದು ಆರ್ ಸೆಟಿ ನಿರ್ದೇಶಕ ಗಿರಿಧರ್ ತಿಳಿಸಿದ್ದಾರೆ.

ವಿಜಯನಗರ ಜಿಲ್ಲೆಯ ಗ್ರಾಮೀಣ ಭಾಗದ ಆಸಕ್ತ ನಿರುದ್ಯೋಗಿಗಳಿಗೆ ಯುವಕ, ಯುವತಿಯರಿಗೆ ಮಹಿಳಾ ಟೈಲರಿಂಗ್ ತರಬೇತಿ (30 ದಿನಗಳು), ಬ್ಯೂಟಿ ಪಾರ್ಲರ್ ತರಬೇತಿ (35 ದಿನಗಳು), ಜ್ಯೂಟ್ ಬ್ಯಾಗ್ ತರಬೇತಿ (13 ದಿನಗಳು), ಮೊಬೈಲ್ ದುರಸ್ತಿ ಮತ್ತು ಸರ್ವಿಸ್ ತರಬೇತಿ (30 ದಿನಗಳು) ಉಚಿತವಾಗಿ ತರಬೇತಿ ನೀಡಲಾಗುವುದು.

ಆಯ್ಕೆಯಾದ ಅಭ್ಯರ್ಥಿಗಳಿಗೆ ಊಟ ಮತ್ತು ವಸತಿ ಸೌಲಭ್ಯ ನೀಡಲಾಗುವುದು. ಅರ್ಜಿದಾರರು ವಿಜಯನಗರ ಜಿಲ್ಲೆಯ ಗ್ರಾಮೀಣ ಭಾಗದವರಾಗಿರಬೇಕು. ಕನಿಷ್ಠ 8 ನೇ ತರಗತಿ ಉತ್ತೀರ್ಣರಾಗಿರಬೇಕು. ವಯೋಮಿತಿ 18 ರಿಂದ 45 ವರ್ಷದೊಳಗಿನವರಾಗಿರಬೇಕು.

ಆಸಕ್ತ ಅಭ್ಯರ್ಥಿಗಳು ಆಧಾರ್ ಕಾರ್ಡ್, ರೇಷನ್ ಕಾರ್ಡ್, ಅಂಕಪಟ್ಟಿ ಜೆರಾಕ್ಸ್ ಪ್ರತಿ, 3 ಪಾಸ್ ಪೋರ್ಟ್ ಸೈಜ್ ಫೋಟೋಗಳೊಂದಿಗೆ ಗ್ರಾಮೀಣ ಸ್ವಯಂ ಉದ್ಯೋಗ ತರಬೇತಿ ಸಂಸ್ಥೆ, ಹೊಸಪೇಟೆ ಇಲ್ಲಿಗೆ ಮೇ.29 ರಂದು ಸಂದರ್ಶನಕ್ಕೆ ಹಾಜರಾಗಬಹುದು. ಹೆಚ್ಚಿನ ಮಾಹಿತಿಗಾಗಿ ಮೊ.9741987137, 8105001594 ಮತ್ತು 6360467102 ಸಂಪರ್ಕಿಸಬಹುದು ಎಂದು ಪ್ರಕಟಣೆಯಲ್ಲಿ ತಿಳಿಸಿದ್ದಾರೆ.
